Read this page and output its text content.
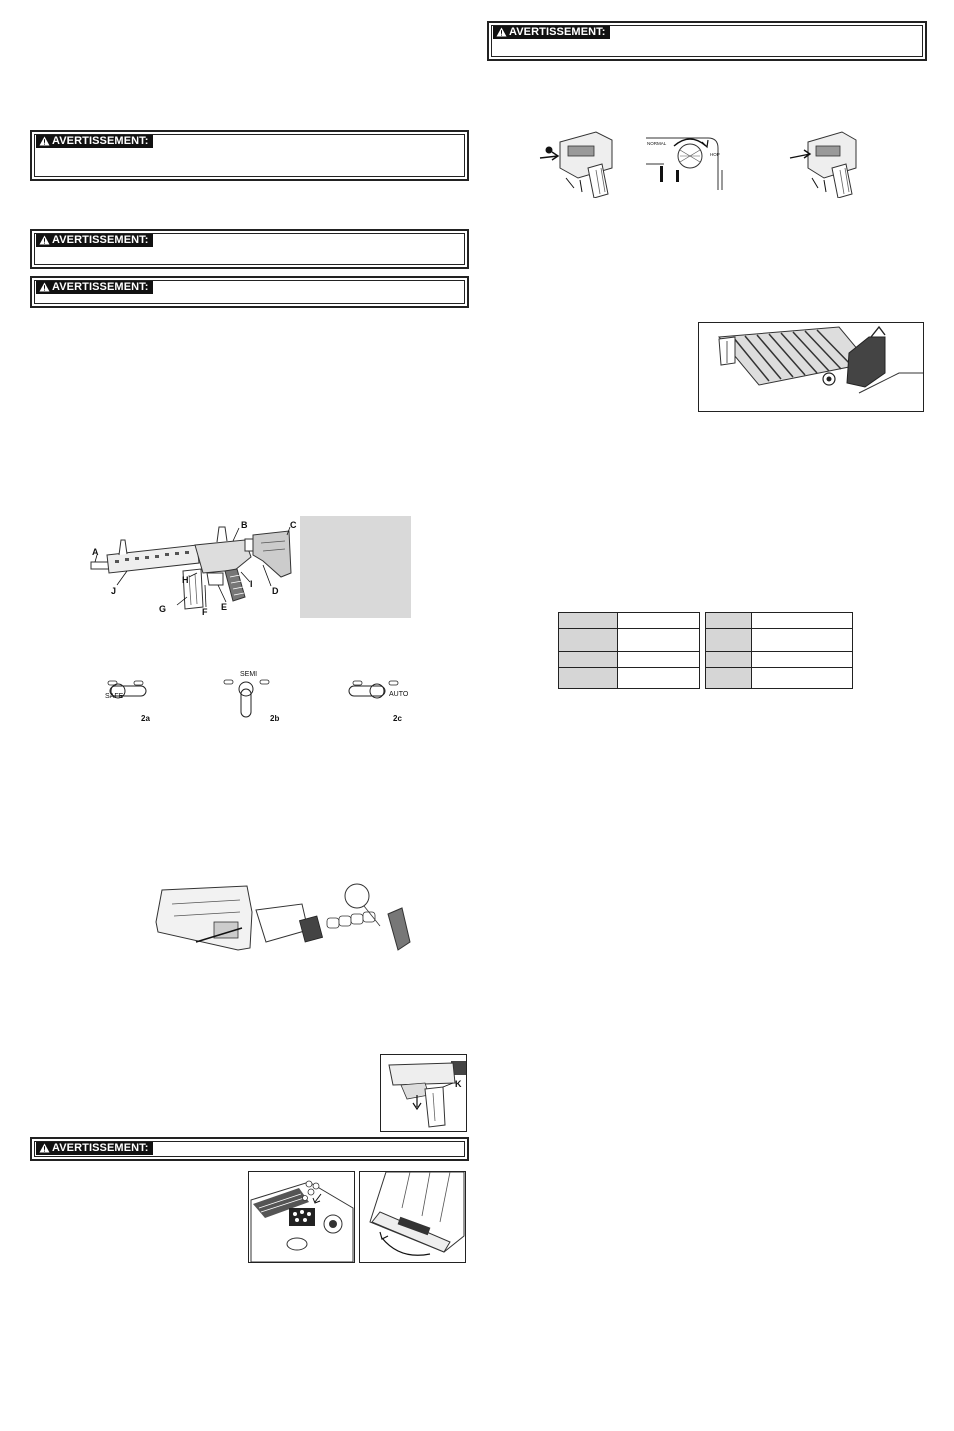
AVERTISSEMENT:
AVERTISSEMENT:
AVERTISSEMENT:
A
B	C
D
E
F
G
H	I
J
SAFE
2a
SEMI
2b
AUTO
2c
K
AVERTISSEMENT:
AVERTISSEMENT:
NORMAL
HOP
